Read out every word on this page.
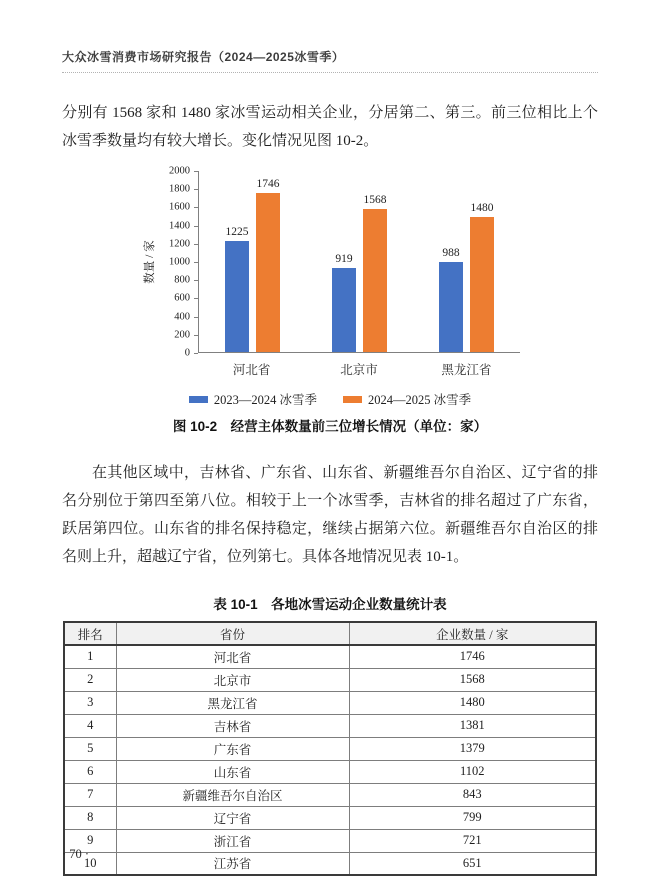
大众冰雪消费市场研究报告（2024—2025冰雪季）

分别有 1568 家和 1480 家冰雪运动相关企业，分居第二、第三。前三位相比上个冰雪季数量均有较大增长。变化情况见图 10-2。

数量 / 家
0
200
400
600
800
1000
1200
1400
1600
1800
2000
1225
1746
919
1568
988
1480
河北省	北京市	黑龙江省
2023—2024 冰雪季	2024—2025 冰雪季
图 10-2　经营主体数量前三位增长情况（单位：家）

在其他区域中，吉林省、广东省、山东省、新疆维吾尔自治区、辽宁省的排名分别位于第四至第八位。相较于上一个冰雪季，吉林省的排名超过了广东省，跃居第四位。山东省的排名保持稳定，继续占据第六位。新疆维吾尔自治区的排名则上升，超越辽宁省，位列第七。具体各地情况见表 10-1。

表 10-1　各地冰雪运动企业数量统计表
排名	省份	企业数量 / 家
1	河北省	1746
2	北京市	1568
3	黑龙江省	1480
4	吉林省	1381
5	广东省	1379
6	山东省	1102
7	新疆维吾尔自治区	843
8	辽宁省	799
9	浙江省	721
10	江苏省	651
· 70 ·
